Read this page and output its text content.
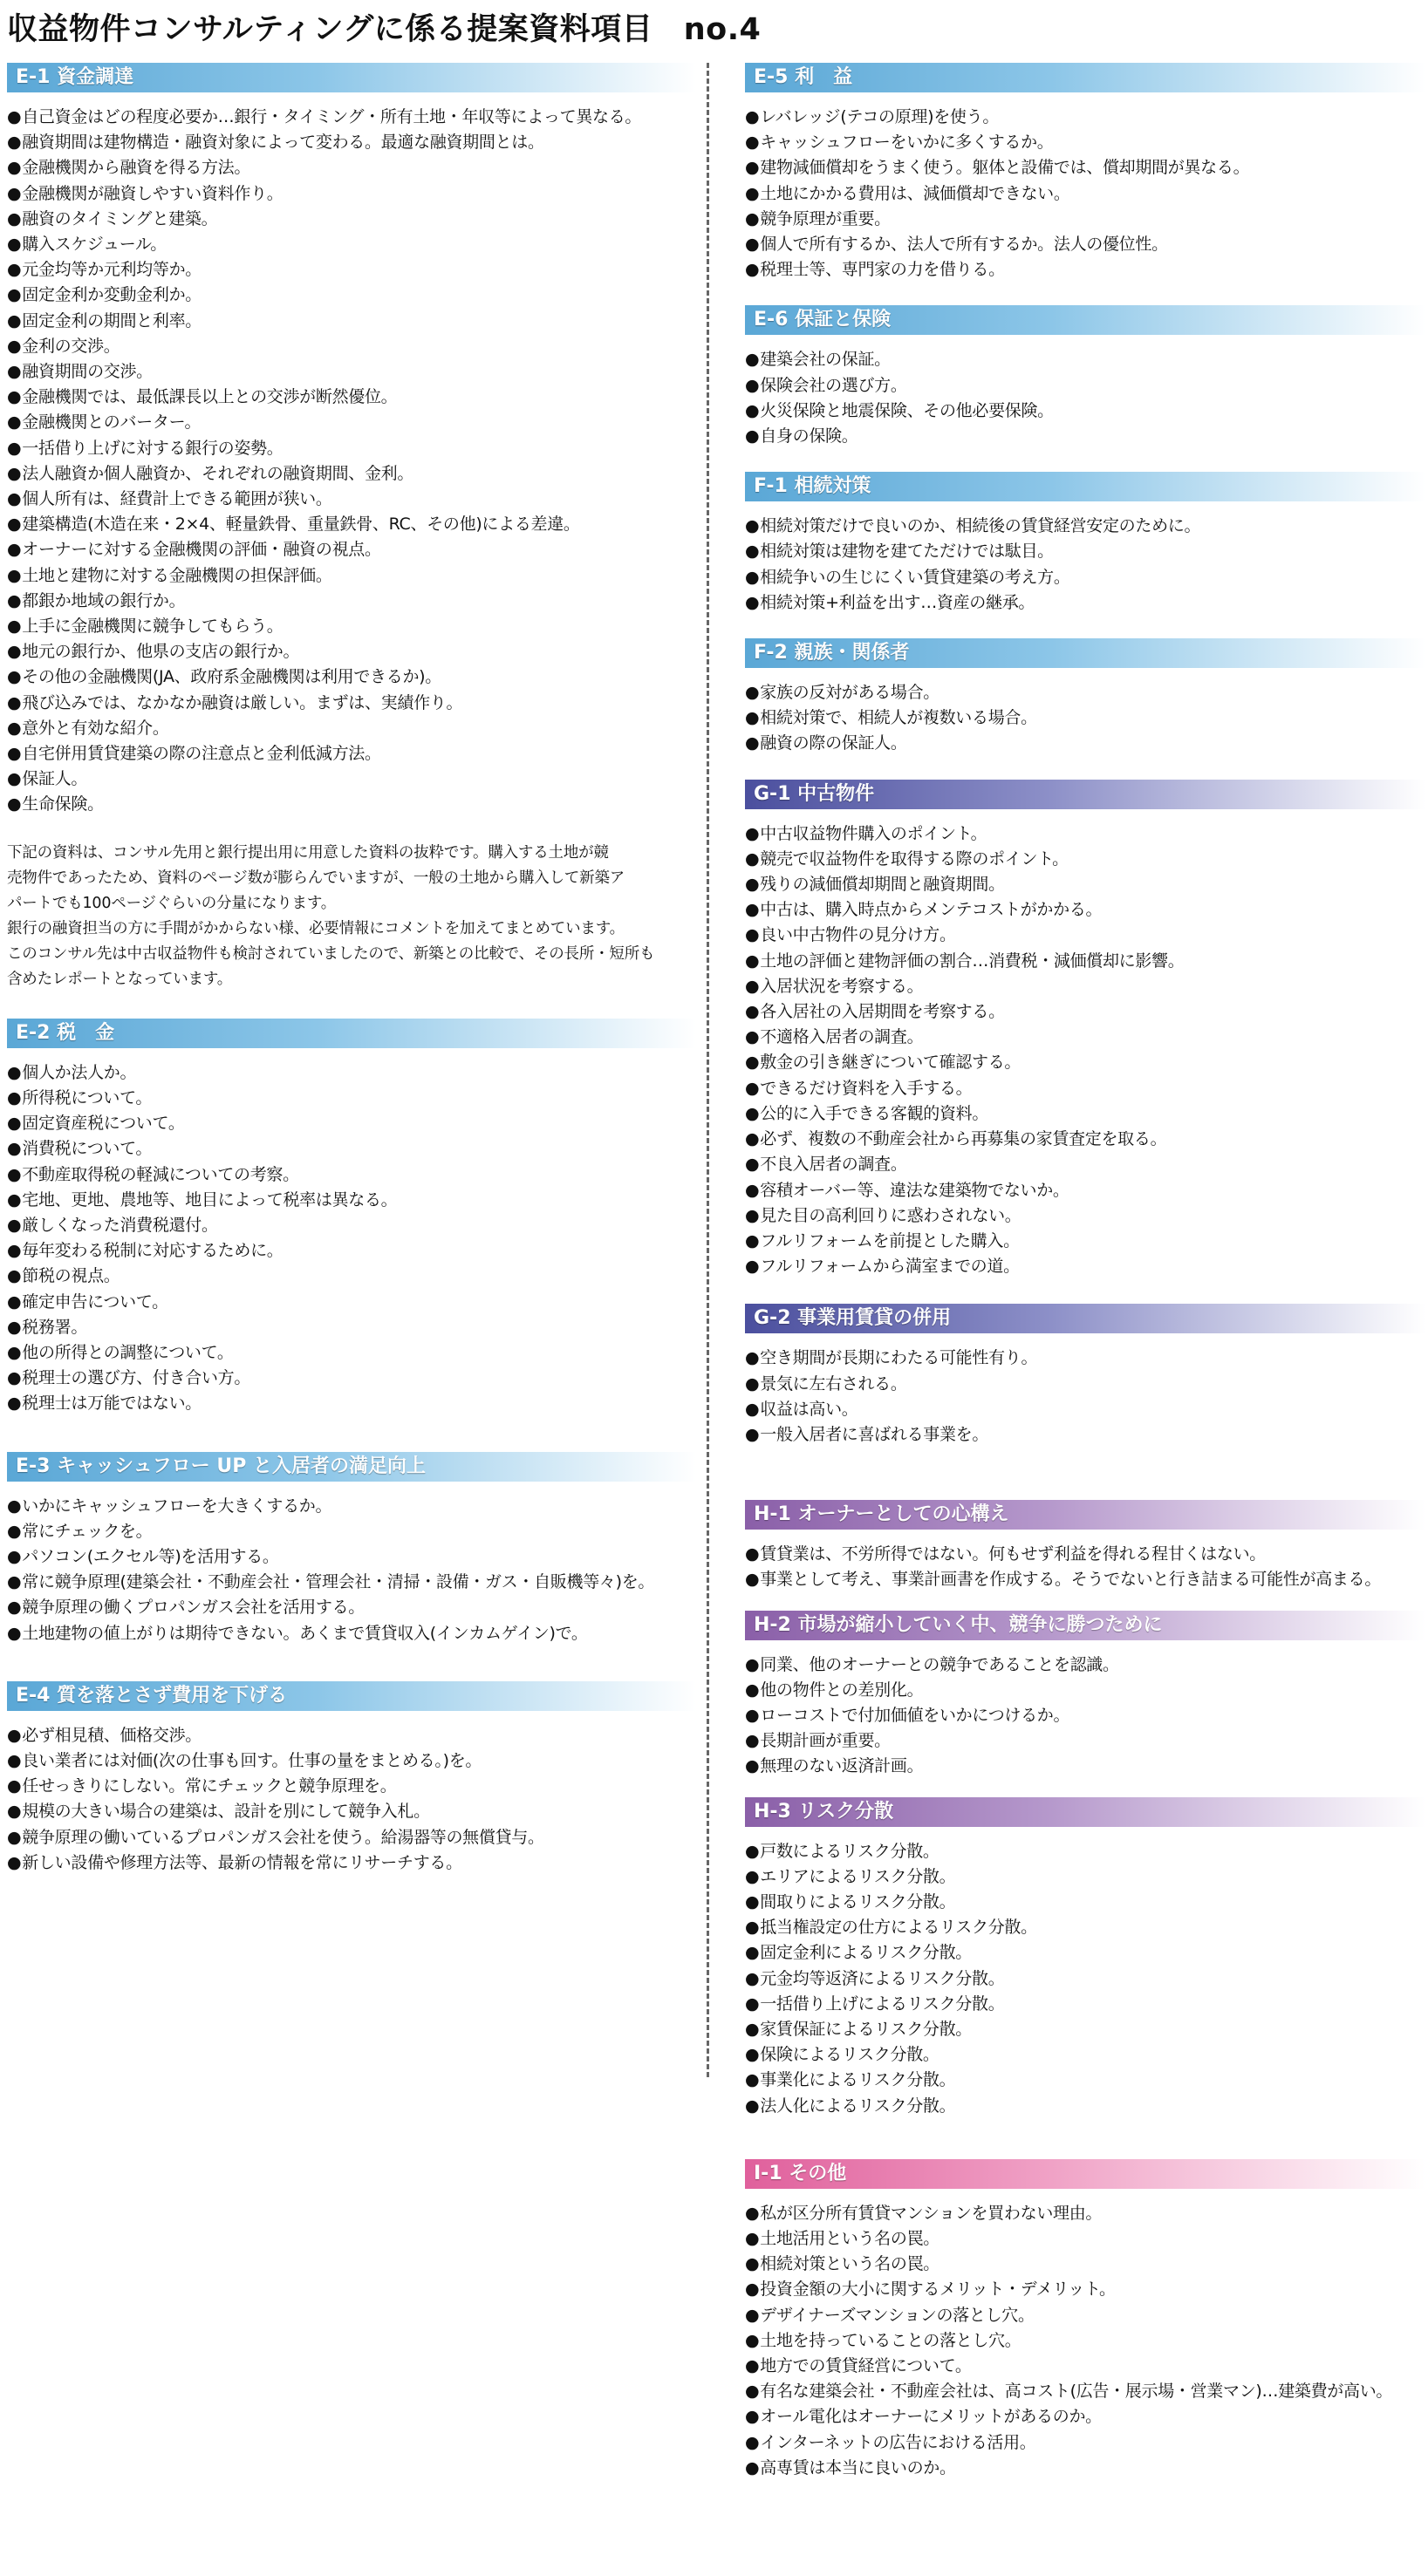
収益物件コンサルティングに係る提案資料項目　no.4
E-1 資金調達
● 自己資金はどの程度必要か…銀行・タイミング・所有土地・年収等によって異なる。
● 融資期間は建物構造・融資対象によって変わる。最適な融資期間とは。
● 金融機関から融資を得る方法。
● 金融機関が融資しやすい資料作り。
● 融資のタイミングと建築。
● 購入スケジュール。
● 元金均等か元利均等か。
● 固定金利か変動金利か。
● 固定金利の期間と利率。
● 金利の交渉。
● 融資期間の交渉。
● 金融機関では、最低課長以上との交渉が断然優位。
● 金融機関とのバーター。
● 一括借り上げに対する銀行の姿勢。
● 法人融資か個人融資か、それぞれの融資期間、金利。
● 個人所有は、経費計上できる範囲が狭い。
● 建築構造(木造在来・2×4、軽量鉄骨、重量鉄骨、RC、その他)による差違。
● オーナーに対する金融機関の評価・融資の視点。
● 土地と建物に対する金融機関の担保評価。
● 都銀か地域の銀行か。
● 上手に金融機関に競争してもらう。
● 地元の銀行か、他県の支店の銀行か。
● その他の金融機関(JA、政府系金融機関は利用できるか)。
● 飛び込みでは、なかなか融資は厳しい。まずは、実績作り。
● 意外と有効な紹介。
● 自宅併用賃貸建築の際の注意点と金利低減方法。
● 保証人。
● 生命保険。

下記の資料は、コンサル先用と銀行提出用に用意した資料の抜粋です。購入する土地が競

売物件であったため、資料のページ数が膨らんでいますが、一般の土地から購入して新築ア

パートでも100ページぐらいの分量になります。

銀行の融資担当の方に手間がかからない様、必要情報にコメントを加えてまとめています。

このコンサル先は中古収益物件も検討されていましたので、新築との比較で、その長所・短所も

含めたレポートとなっています。

E-2 税　金
● 個人か法人か。
● 所得税について。
● 固定資産税について。
● 消費税について。
● 不動産取得税の軽減についての考察。
● 宅地、更地、農地等、地目によって税率は異なる。
● 厳しくなった消費税還付。
● 毎年変わる税制に対応するために。
● 節税の視点。
● 確定申告について。
● 税務署。
● 他の所得との調整について。
● 税理士の選び方、付き合い方。
● 税理士は万能ではない。
E-3 キャッシュフロー UP と入居者の満足向上
● いかにキャッシュフローを大きくするか。
● 常にチェックを。
● パソコン(エクセル等)を活用する。
● 常に競争原理(建築会社・不動産会社・管理会社・清掃・設備・ガス・自販機等々)を。
● 競争原理の働くプロパンガス会社を活用する。
● 土地建物の値上がりは期待できない。あくまで賃貸収入(インカムゲイン)で。
E-4 質を落とさず費用を下げる
● 必ず相見積、価格交渉。
● 良い業者には対価(次の仕事も回す。仕事の量をまとめる。)を。
● 任せっきりにしない。常にチェックと競争原理を。
● 規模の大きい場合の建築は、設計を別にして競争入札。
● 競争原理の働いているプロパンガス会社を使う。給湯器等の無償貸与。
● 新しい設備や修理方法等、最新の情報を常にリサーチする。
E-5 利　益
● レバレッジ(テコの原理)を使う。
● キャッシュフローをいかに多くするか。
● 建物減価償却をうまく使う。躯体と設備では、償却期間が異なる。
● 土地にかかる費用は、減価償却できない。
● 競争原理が重要。
● 個人で所有するか、法人で所有するか。法人の優位性。
● 税理士等、専門家の力を借りる。
E-6 保証と保険
● 建築会社の保証。
● 保険会社の選び方。
● 火災保険と地震保険、その他必要保険。
● 自身の保険。
F-1 相続対策
● 相続対策だけで良いのか、相続後の賃貸経営安定のために。
● 相続対策は建物を建てただけでは駄目。
● 相続争いの生じにくい賃貸建築の考え方。
● 相続対策+利益を出す…資産の継承。
F-2 親族・関係者
● 家族の反対がある場合。
● 相続対策で、相続人が複数いる場合。
● 融資の際の保証人。
G-1 中古物件
● 中古収益物件購入のポイント。
● 競売で収益物件を取得する際のポイント。
● 残りの減価償却期間と融資期間。
● 中古は、購入時点からメンテコストがかかる。
● 良い中古物件の見分け方。
● 土地の評価と建物評価の割合…消費税・減価償却に影響。
● 入居状況を考察する。
● 各入居社の入居期間を考察する。
● 不適格入居者の調査。
● 敷金の引き継ぎについて確認する。
● できるだけ資料を入手する。
● 公的に入手できる客観的資料。
● 必ず、複数の不動産会社から再募集の家賃査定を取る。
● 不良入居者の調査。
● 容積オーバー等、違法な建築物でないか。
● 見た目の高利回りに惑わされない。
● フルリフォームを前提とした購入。
● フルリフォームから満室までの道。
G-2 事業用賃貸の併用
● 空き期間が長期にわたる可能性有り。
● 景気に左右される。
● 収益は高い。
● 一般入居者に喜ばれる事業を。
H-1 オーナーとしての心構え
● 賃貸業は、不労所得ではない。何もせず利益を得れる程甘くはない。
● 事業として考え、事業計画書を作成する。そうでないと行き詰まる可能性が高まる。
H-2 市場が縮小していく中、競争に勝つために
● 同業、他のオーナーとの競争であることを認識。
● 他の物件との差別化。
● ローコストで付加価値をいかにつけるか。
● 長期計画が重要。
● 無理のない返済計画。
H-3 リスク分散
● 戸数によるリスク分散。
● エリアによるリスク分散。
● 間取りによるリスク分散。
● 抵当権設定の仕方によるリスク分散。
● 固定金利によるリスク分散。
● 元金均等返済によるリスク分散。
● 一括借り上げによるリスク分散。
● 家賃保証によるリスク分散。
● 保険によるリスク分散。
● 事業化によるリスク分散。
● 法人化によるリスク分散。
I-1 その他
● 私が区分所有賃貸マンションを買わない理由。
● 土地活用という名の罠。
● 相続対策という名の罠。
● 投資金額の大小に関するメリット・デメリット。
● デザイナーズマンションの落とし穴。
● 土地を持っていることの落とし穴。
● 地方での賃貸経営について。
● 有名な建築会社・不動産会社は、高コスト(広告・展示場・営業マン)…建築費が高い。
● オール電化はオーナーにメリットがあるのか。
● インターネットの広告における活用。
● 高専賃は本当に良いのか。
